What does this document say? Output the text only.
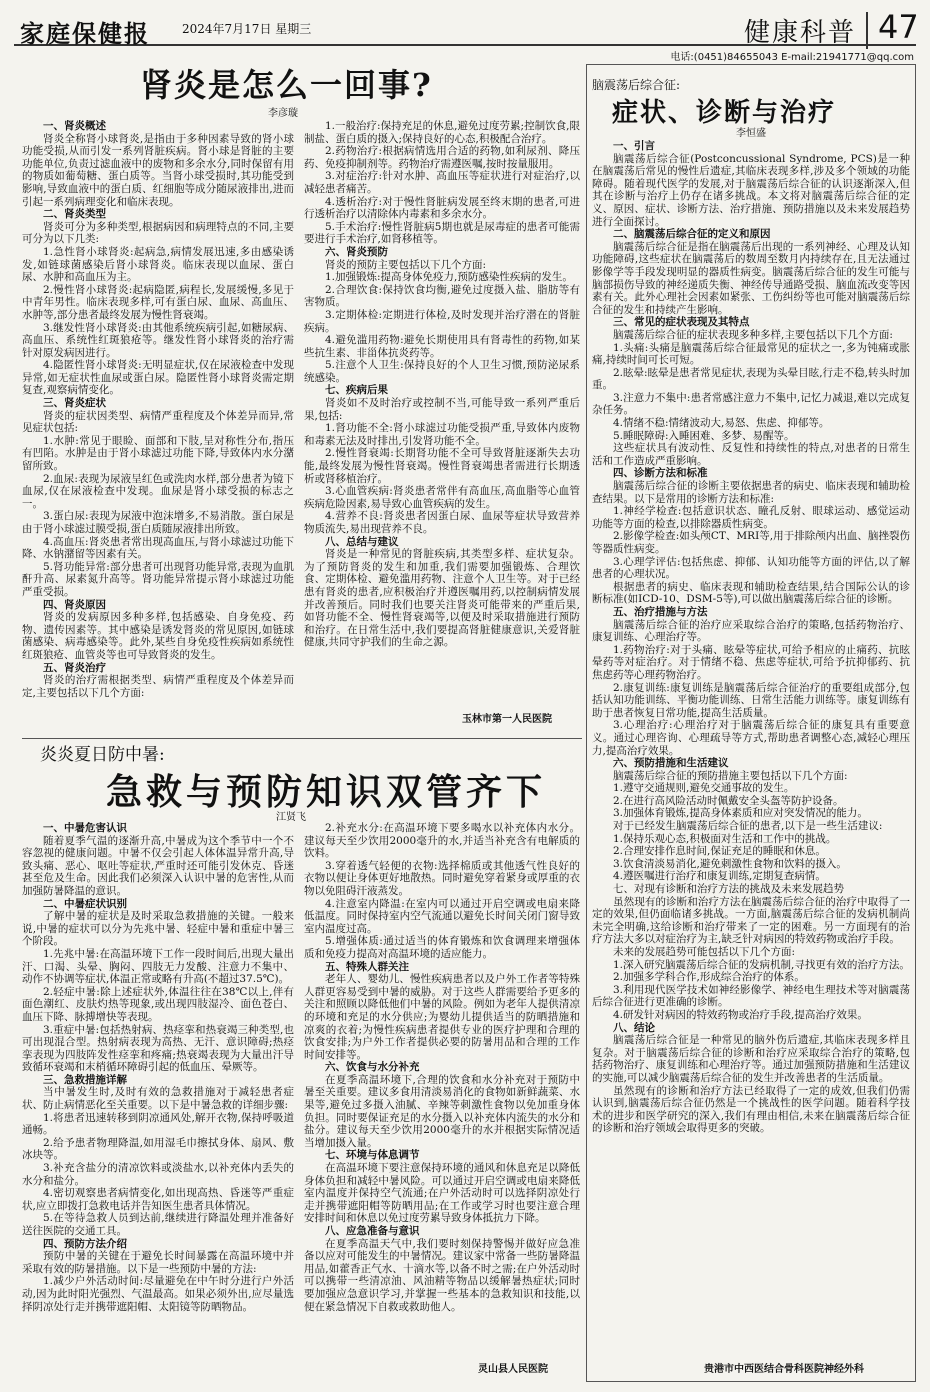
家庭保健报	2024年7月17日 星期三	健康科普 47
电话:(0451)84655043 E-mail:21941771@qq.com
肾炎是怎么一回事?
李彦璇
一、肾炎概述

肾炎全称肾小球肾炎,是指由于多种因素导致的肾小球功能受损,从而引发一系列肾脏疾病。肾小球是肾脏的主要功能单位,负责过滤血液中的废物和多余水分,同时保留有用的物质如葡萄糖、蛋白质等。当肾小球受损时,其功能受到影响,导致血液中的蛋白质、红细胞等成分随尿液排出,进而引起一系列病理变化和临床表现。

二、肾炎类型

肾炎可分为多种类型,根据病因和病理特点的不同,主要可分为以下几类:

1.急性肾小球肾炎:起病急,病情发展迅速,多由感染诱发,如链球菌感染后肾小球肾炎。临床表现以血尿、蛋白尿、水肿和高血压为主。

2.慢性肾小球肾炎:起病隐匿,病程长,发展缓慢,多见于中青年男性。临床表现多样,可有蛋白尿、血尿、高血压、水肿等,部分患者最终发展为慢性肾衰竭。

3.继发性肾小球肾炎:由其他系统疾病引起,如糖尿病、高血压、系统性红斑狼疮等。继发性肾小球肾炎的治疗需针对原发病因进行。

4.隐匿性肾小球肾炎:无明显症状,仅在尿液检查中发现异常,如无症状性血尿或蛋白尿。隐匿性肾小球肾炎需定期复查,观察病情变化。

三、肾炎症状

肾炎的症状因类型、病情严重程度及个体差异而异,常见症状包括:

1.水肿:常见于眼睑、面部和下肢,呈对称性分布,指压有凹陷。水肿是由于肾小球滤过功能下降,导致体内水分潴留所致。

2.血尿:表现为尿液呈红色或洗肉水样,部分患者为镜下血尿,仅在尿液检查中发现。血尿是肾小球受损的标志之一。

3.蛋白尿:表现为尿液中泡沫增多,不易消散。蛋白尿是由于肾小球滤过膜受损,蛋白质随尿液排出所致。

4.高血压:肾炎患者常出现高血压,与肾小球滤过功能下降、水钠潴留等因素有关。

5.肾功能异常:部分患者可出现肾功能异常,表现为血肌酐升高、尿素氮升高等。肾功能异常提示肾小球滤过功能严重受损。

四、肾炎原因

肾炎的发病原因多种多样,包括感染、自身免疫、药物、遗传因素等。其中感染是诱发肾炎的常见原因,如链球菌感染、病毒感染等。此外,某些自身免疫性疾病如系统性红斑狼疮、血管炎等也可导致肾炎的发生。

五、肾炎治疗

肾炎的治疗需根据类型、病情严重程度及个体差异而定,主要包括以下几个方面:

1.一般治疗:保持充足的休息,避免过度劳累;控制饮食,限制盐、蛋白质的摄入;保持良好的心态,积极配合治疗。

2.药物治疗:根据病情选用合适的药物,如利尿剂、降压药、免疫抑制剂等。药物治疗需遵医嘱,按时按量服用。

3.对症治疗:针对水肿、高血压等症状进行对症治疗,以减轻患者痛苦。

4.透析治疗:对于慢性肾脏病发展至终末期的患者,可进行透析治疗以清除体内毒素和多余水分。

5.手术治疗:慢性肾脏病5期也就是尿毒症的患者可能需要进行手术治疗,如肾移植等。

六、肾炎预防

肾炎的预防主要包括以下几个方面:

1.加强锻炼:提高身体免疫力,预防感染性疾病的发生。

2.合理饮食:保持饮食均衡,避免过度摄入盐、脂肪等有害物质。

3.定期体检:定期进行体检,及时发现并治疗潜在的肾脏疾病。

4.避免滥用药物:避免长期使用具有肾毒性的药物,如某些抗生素、非甾体抗炎药等。

5.注意个人卫生:保持良好的个人卫生习惯,预防泌尿系统感染。

七、疾病后果

肾炎如不及时治疗或控制不当,可能导致一系列严重后果,包括:

1.肾功能不全:肾小球滤过功能受损严重,导致体内废物和毒素无法及时排出,引发肾功能不全。

2.慢性肾衰竭:长期肾功能不全可导致肾脏逐渐失去功能,最终发展为慢性肾衰竭。慢性肾衰竭患者需进行长期透析或肾移植治疗。

3.心血管疾病:肾炎患者常伴有高血压,高血脂等心血管疾病危险因素,易导致心血管疾病的发生。

4.营养不良:肾炎患者因蛋白尿、血尿等症状导致营养物质流失,易出现营养不良。

八、总结与建议

肾炎是一种常见的肾脏疾病,其类型多样、症状复杂。为了预防肾炎的发生和加重,我们需要加强锻炼、合理饮食、定期体检、避免滥用药物、注意个人卫生等。对于已经患有肾炎的患者,应积极治疗并遵医嘱用药,以控制病情发展并改善预后。同时我们也要关注肾炎可能带来的严重后果,如肾功能不全、慢性肾衰竭等,以便及时采取措施进行预防和治疗。在日常生活中,我们要提高肾脏健康意识,关爱肾脏健康,共同守护我们的生命之源。

玉林市第一人民医院
炎炎夏日防中暑:
急救与预防知识双管齐下
江贤飞
一、中暑危害认识

随着夏季气温的逐渐升高,中暑成为这个季节中一个不容忽视的健康问题。中暑不仅会引起人体体温异常升高,导致头痛、恶心、呕吐等症状,严重时还可能引发休克、昏迷甚至危及生命。因此我们必须深入认识中暑的危害性,从而加强防暑降温的意识。

二、中暑症状识别

了解中暑的症状是及时采取急救措施的关键。一般来说,中暑的症状可以分为先兆中暑、轻症中暑和重症中暑三个阶段。

1.先兆中暑:在高温环境下工作一段时间后,出现大量出汗、口渴、头晕、胸闷、四肢无力发酸、注意力不集中、动作不协调等症状,体温正常或略有升高(不超过37.5℃)。

2.轻症中暑:除上述症状外,体温往往在38℃以上,伴有面色潮红、皮肤灼热等现象,或出现四肢湿冷、面色苍白、血压下降、脉搏增快等表现。

3.重症中暑:包括热射病、热痉挛和热衰竭三种类型,也可出现混合型。热射病表现为高热、无汗、意识障碍;热痉挛表现为四肢阵发性痉挛和疼痛;热衰竭表现为大量出汗导致循环衰竭和末梢循环障碍引起的低血压、晕厥等。

三、急救措施详解

当中暑发生时,及时有效的急救措施对于减轻患者症状、防止病情恶化至关重要。以下是中暑急救的详细步骤:

1.将患者迅速转移到阴凉通风处,解开衣物,保持呼吸道通畅。

2.给予患者物理降温,如用湿毛巾擦拭身体、扇风、敷冰块等。

3.补充含盐分的清凉饮料或淡盐水,以补充体内丢失的水分和盐分。

4.密切观察患者病情变化,如出现高热、昏迷等严重症状,应立即拨打急救电话并告知医生患者具体情况。

5.在等待急救人员到达前,继续进行降温处理并准备好送往医院的交通工具。

四、预防方法介绍

预防中暑的关键在于避免长时间暴露在高温环境中并采取有效的防暑措施。以下是一些预防中暑的方法:

1.减少户外活动时间:尽量避免在中午时分进行户外活动,因为此时阳光强烈、气温最高。如果必须外出,应尽量选择阴凉处行走并携带遮阳帽、太阳镜等防晒物品。

2.补充水分:在高温环境下要多喝水以补充体内水分。建议每天至少饮用2000毫升的水,并适当补充含有电解质的饮料。

3.穿着透气轻便的衣物:选择棉质或其他透气性良好的衣物以便让身体更好地散热。同时避免穿着紧身或厚重的衣物以免阻碍汗液蒸发。

4.注意室内降温:在室内可以通过开启空调或电扇来降低温度。同时保持室内空气流通以避免长时间关闭门窗导致室内温度过高。

5.增强体质:通过适当的体育锻炼和饮食调理来增强体质和免疫力提高对高温环境的适应能力。

五、特殊人群关注

老年人、婴幼儿、慢性疾病患者以及户外工作者等特殊人群更容易受到中暑的威胁。对于这些人群需要给予更多的关注和照顾以降低他们中暑的风险。例如为老年人提供清凉的环境和充足的水分供应;为婴幼儿提供适当的防晒措施和凉爽的衣着;为慢性疾病患者提供专业的医疗护理和合理的饮食安排;为户外工作者提供必要的防暑用品和合理的工作时间安排等。

六、饮食与水分补充

在夏季高温环境下,合理的饮食和水分补充对于预防中暑至关重要。建议多食用清淡易消化的食物如新鲜蔬菜、水果等,避免过多摄入油腻、辛辣等刺激性食物以免加重身体负担。同时要保证充足的水分摄入以补充体内流失的水分和盐分。建议每天至少饮用2000毫升的水并根据实际情况适当增加摄入量。

七、环境与体息调节

在高温环境下要注意保持环境的通风和休息充足以降低身体负担和减轻中暑风险。可以通过开启空调或电扇来降低室内温度并保持空气流通;在户外活动时可以选择阴凉处行走并携带遮阳帽等防晒用品;在工作或学习时也要注意合理安排时间和休息以免过度劳累导致身体抵抗力下降。

八、应急准备与意识

在夏季高温天气中,我们要时刻保持警惕并做好应急准备以应对可能发生的中暑情况。建议家中常备一些防暑降温用品,如藿香正气水、十滴水等,以备不时之需;在户外活动时可以携带一些清凉油、风油精等物品以缓解暑热症状;同时要加强应急意识学习,并掌握一些基本的急救知识和技能,以便在紧急情况下自救或救助他人。

灵山县人民医院
脑震荡后综合征:
症状、诊断与治疗
李恒盛
一、引言

脑震荡后综合征(Postconcussional Syndrome, PCS)是一种在脑震荡后常见的慢性后遗症,其临床表现多样,涉及多个领域的功能障碍。随着现代医学的发展,对于脑震荡后综合征的认识逐渐深入,但其在诊断与治疗上仍存在诸多挑战。本文将对脑震荡后综合征的定义、原因、症状、诊断方法、治疗措施、预防措施以及未来发展趋势进行全面探讨。

二、脑震荡后综合征的定义和原因

脑震荡后综合征是指在脑震荡后出现的一系列神经、心理及认知功能障碍,这些症状在脑震荡后的数周至数月内持续存在,且无法通过影像学等手段发现明显的器质性病变。脑震荡后综合征的发生可能与脑部损伤导致的神经递质失衡、神经传导通路受损、脑血流改变等因素有关。此外心理社会因素如紧张、工伤纠纷等也可能对脑震荡后综合征的发生和持续产生影响。

三、常见的症状表现及其特点

脑震荡后综合征的症状表现多种多样,主要包括以下几个方面:

1.头痛:头痛是脑震荡后综合征最常见的症状之一,多为钝痛或胀痛,持续时间可长可短。

2.眩晕:眩晕是患者常见症状,表现为头晕目眩,行走不稳,转头时加重。

3.注意力不集中:患者常感注意力不集中,记忆力减退,难以完成复杂任务。

4.情绪不稳:情绪波动大,易怒、焦虑、抑郁等。

5.睡眠障碍:入睡困难、多梦、易醒等。

这些症状具有波动性、反复性和持续性的特点,对患者的日常生活和工作造成严重影响。

四、诊断方法和标准

脑震荡后综合征的诊断主要依据患者的病史、临床表现和辅助检查结果。以下是常用的诊断方法和标准:

1.神经学检查:包括意识状态、瞳孔反射、眼球运动、感觉运动功能等方面的检查,以排除器质性病变。

2.影像学检查:如头颅CT、MRI等,用于排除颅内出血、脑挫裂伤等器质性病变。

3.心理学评估:包括焦虑、抑郁、认知功能等方面的评估,以了解患者的心理状况。

根据患者的病史、临床表现和辅助检查结果,结合国际公认的诊断标准(如ICD-10、DSM-5等),可以做出脑震荡后综合征的诊断。

五、治疗措施与方法

脑震荡后综合征的治疗应采取综合治疗的策略,包括药物治疗、康复训练、心理治疗等。

1.药物治疗:对于头痛、眩晕等症状,可给予相应的止痛药、抗眩晕药等对症治疗。对于情绪不稳、焦虑等症状,可给予抗抑郁药、抗焦虑药等心理药物治疗。

2.康复训练:康复训练是脑震荡后综合征治疗的重要组成部分,包括认知功能训练、平衡功能训练、日常生活能力训练等。康复训练有助于患者恢复日常功能,提高生活质量。

3.心理治疗:心理治疗对于脑震荡后综合征的康复具有重要意义。通过心理咨询、心理疏导等方式,帮助患者调整心态,减轻心理压力,提高治疗效果。

六、预防措施和生活建议

脑震荡后综合征的预防措施主要包括以下几个方面:

1.遵守交通规则,避免交通事故的发生。

2.在进行高风险活动时佩戴安全头盔等防护设备。

3.加强体育锻炼,提高身体素质和应对突发情况的能力。

对于已经发生脑震荡后综合征的患者,以下是一些生活建议:

1.保持乐观心态,积极面对生活和工作中的挑战。

2.合理安排作息时间,保证充足的睡眠和休息。

3.饮食清淡易消化,避免刺激性食物和饮料的摄入。

4.遵医嘱进行治疗和康复训练,定期复查病情。

七、对现有诊断和治疗方法的挑战及未来发展趋势

虽然现有的诊断和治疗方法在脑震荡后综合征的治疗中取得了一定的效果,但仍面临诸多挑战。一方面,脑震荡后综合征的发病机制尚未完全明确,这给诊断和治疗带来了一定的困难。另一方面现有的治疗方法大多以对症治疗为主,缺乏针对病因的特效药物或治疗手段。

未来的发展趋势可能包括以下几个方面:

1.深入研究脑震荡后综合征的发病机制,寻找更有效的治疗方法。

2.加强多学科合作,形成综合治疗的体系。

3.利用现代医学技术如神经影像学、神经电生理技术等对脑震荡后综合征进行更准确的诊断。

4.研发针对病因的特效药物或治疗手段,提高治疗效果。

八、结论

脑震荡后综合征是一种常见的脑外伤后遗症,其临床表现多样且复杂。对于脑震荡后综合征的诊断和治疗应采取综合治疗的策略,包括药物治疗、康复训练和心理治疗等。通过加强预防措施和生活建议的实施,可以减少脑震荡后综合征的发生并改善患者的生活质量。

虽然现有的诊断和治疗方法已经取得了一定的成效,但我们仍需认识到,脑震荡后综合征仍然是一个挑战性的医学问题。随着科学技术的进步和医学研究的深入,我们有理由相信,未来在脑震荡后综合征的诊断和治疗领域会取得更多的突破。

贵港市中西医结合骨科医院神经外科
